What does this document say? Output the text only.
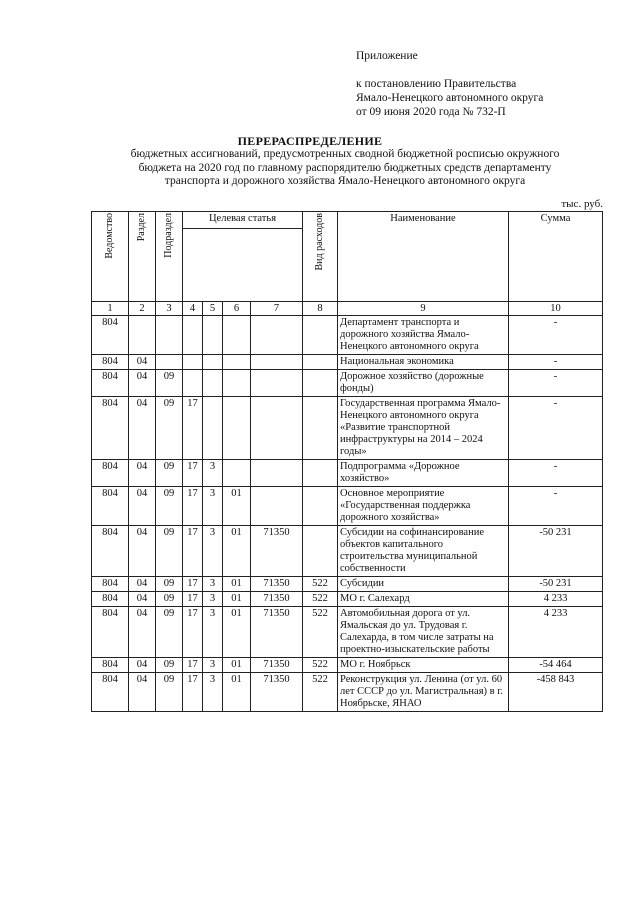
Приложение
к постановлению Правительства
Ямало-Ненецкого автономного округа
от 09 июня 2020 года № 732-П
ПЕРЕРАСПРЕДЕЛЕНИЕ
бюджетных ассигнований, предусмотренных сводной бюджетной росписью окружного
бюджета на 2020 год по главному распорядителю бюджетных средств департаменту
транспорта и дорожного хозяйства Ямало-Ненецкого автономного округа
тыс. руб.
Ведомство	Раздел	Подраздел	Целевая статья				Вид расходов	Наименование	Сумма

1	2	3	4	5	6	7	8	9	10
804								Департамент транспорта и дорожного хозяйства Ямало-Ненецкого автономного округа	-
804	04							Национальная экономика	-
804	04	09						Дорожное хозяйство (дорожные фонды)	-
804	04	09	17					Государственная программа Ямало-Ненецкого автономного округа «Развитие транспортной инфраструктуры на 2014 – 2024 годы»	-
804	04	09	17	3				Подпрограмма «Дорожное хозяйство»	-
804	04	09	17	3	01			Основное мероприятие «Государственная поддержка дорожного хозяйства»	-
804	04	09	17	3	01	71350		Субсидии на софинансирование объектов капитального строительства муниципальной собственности	-50 231
804	04	09	17	3	01	71350	522	Субсидии	-50 231
804	04	09	17	3	01	71350	522	МО г. Салехард	4 233
804	04	09	17	3	01	71350	522	Автомобильная дорога от ул. Ямальская до ул. Трудовая г. Салехарда, в том числе затраты на проектно-изыскательские работы	4 233
804	04	09	17	3	01	71350	522	МО г. Ноябрьск	-54 464
804	04	09	17	3	01	71350	522	Реконструкция ул. Ленина (от ул. 60 лет СССР до ул. Магистральная) в г. Ноябрьске, ЯНАО	-458 843
